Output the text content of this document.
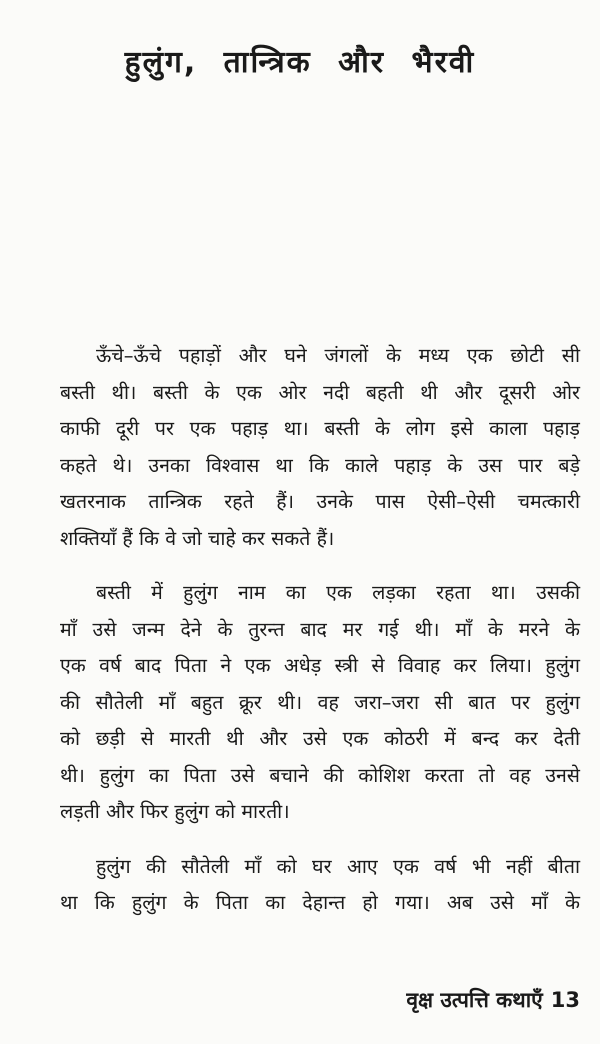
हुलुंग, तान्त्रिक और भैरवी

ऊँचे–ऊँचे पहाड़ों और घने जंगलों के मध्य एक छोटी सी
बस्ती थी। बस्ती के एक ओर नदी बहती थी और दूसरी ओर
काफी दूरी पर एक पहाड़ था। बस्ती के लोग इसे काला पहाड़
कहते थे। उनका विश्वास था कि काले पहाड़ के उस पार बड़े
खतरनाक तान्त्रिक रहते हैं। उनके पास ऐसी–ऐसी चमत्कारी
शक्तियाँ हैं कि वे जो चाहे कर सकते हैं।

बस्ती में हुलुंग नाम का एक लड़का रहता था। उसकी
माँ उसे जन्म देने के तुरन्त बाद मर गई थी। माँ के मरने के
एक वर्ष बाद पिता ने एक अधेड़ स्त्री से विवाह कर लिया। हुलुंग
की सौतेली माँ बहुत क्रूर थी। वह जरा–जरा सी बात पर हुलुंग
को छड़ी से मारती थी और उसे एक कोठरी में बन्द कर देती
थी। हुलुंग का पिता उसे बचाने की कोशिश करता तो वह उनसे
लड़ती और फिर हुलुंग को मारती।

हुलुंग की सौतेली माँ को घर आए एक वर्ष भी नहीं बीता
था कि हुलुंग के पिता का देहान्त हो गया। अब उसे माँ के

वृक्ष उत्पत्ति कथाएँ 13
